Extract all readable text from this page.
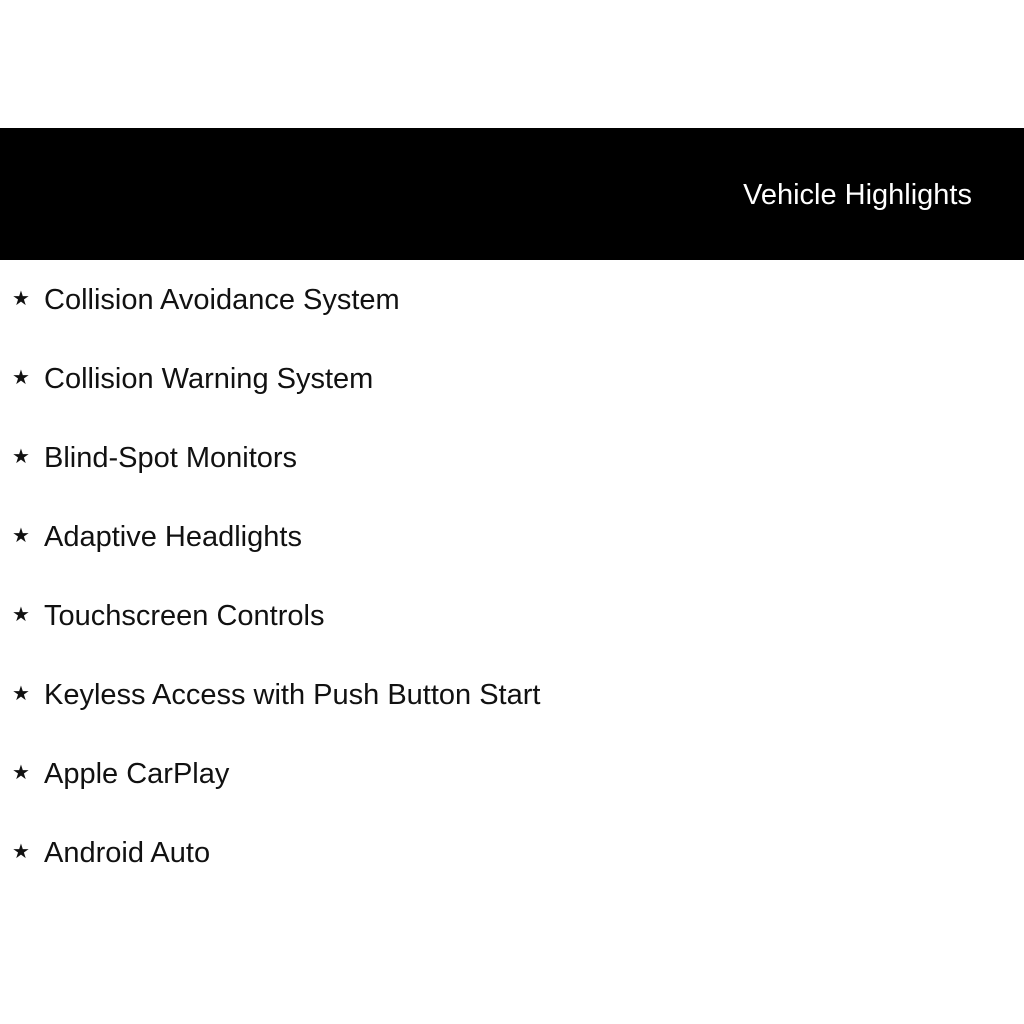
Vehicle Highlights
★ Collision Avoidance System
★ Collision Warning System
★ Blind-Spot Monitors
★ Adaptive Headlights
★ Touchscreen Controls
★ Keyless Access with Push Button Start
★ Apple CarPlay
★ Android Auto
